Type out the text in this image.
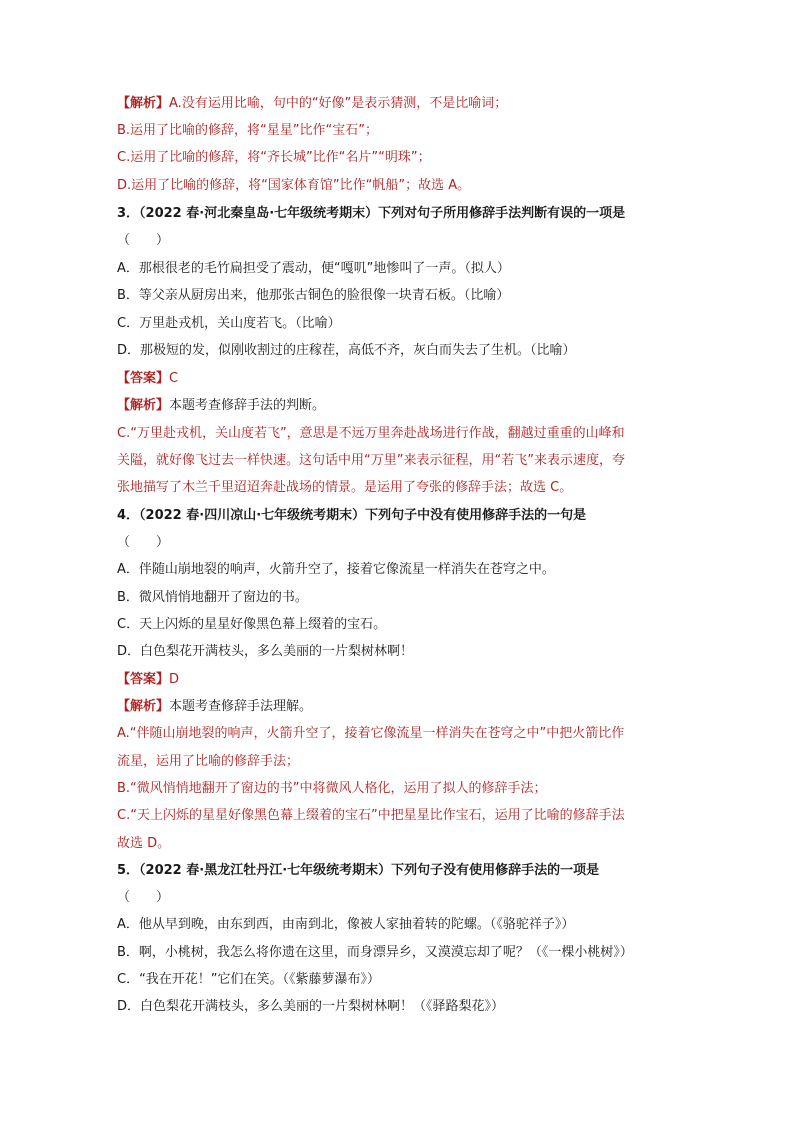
【解析】A.没有运用比喻，句中的“好像”是表示猜测，不是比喻词；
B.运用了比喻的修辞，将“星星”比作“宝石”；
C.运用了比喻的修辞，将“齐长城”比作“名片”“明珠”；
D.运用了比喻的修辞，将“国家体育馆”比作“帆船”；故选 A。
3．（2022 春·河北秦皇岛·七年级统考期末）下列对句子所用修辞手法判断有误的一项是
（　　）
A．那根很老的毛竹扁担受了震动，便“嘎叽”地惨叫了一声。（拟人）
B．等父亲从厨房出来，他那张古铜色的脸很像一块青石板。（比喻）
C．万里赴戎机，关山度若飞。（比喻）
D．那极短的发，似刚收割过的庄稼茬，高低不齐，灰白而失去了生机。（比喻）
【答案】C
【解析】本题考查修辞手法的判断。
C.“万里赴戎机，关山度若飞”，意思是不远万里奔赴战场进行作战，翻越过重重的山峰和
关隘，就好像飞过去一样快速。这句话中用“万里”来表示征程，用“若飞”来表示速度，夸
张地描写了木兰千里迢迢奔赴战场的情景。是运用了夸张的修辞手法；故选 C。
4．（2022 春·四川凉山·七年级统考期末）下列句子中没有使用修辞手法的一句是
（　　）
A．伴随山崩地裂的响声，火箭升空了，接着它像流星一样消失在苍穹之中。
B．微风悄悄地翻开了窗边的书。
C．天上闪烁的星星好像黑色幕上缀着的宝石。
D．白色梨花开满枝头，多么美丽的一片梨树林啊！
【答案】D
【解析】本题考查修辞手法理解。
A.“伴随山崩地裂的响声，火箭升空了，接着它像流星一样消失在苍穹之中”中把火箭比作
流星，运用了比喻的修辞手法；
B.“微风悄悄地翻开了窗边的书”中将微风人格化，运用了拟人的修辞手法；
C.“天上闪烁的星星好像黑色幕上缀着的宝石”中把星星比作宝石，运用了比喻的修辞手法
故选 D。
5．（2022 春·黑龙江牡丹江·七年级统考期末）下列句子没有使用修辞手法的一项是
（　　）
A．他从早到晚，由东到西，由南到北，像被人家抽着转的陀螺。（《骆驼祥子》）
B．啊，小桃树，我怎么将你遗在这里，而身漂异乡，又漠漠忘却了呢？（《一棵小桃树》）
C．“我在开花！”它们在笑。（《紫藤萝瀑布》）
D．白色梨花开满枝头，多么美丽的一片梨树林啊！（《驿路梨花》）
